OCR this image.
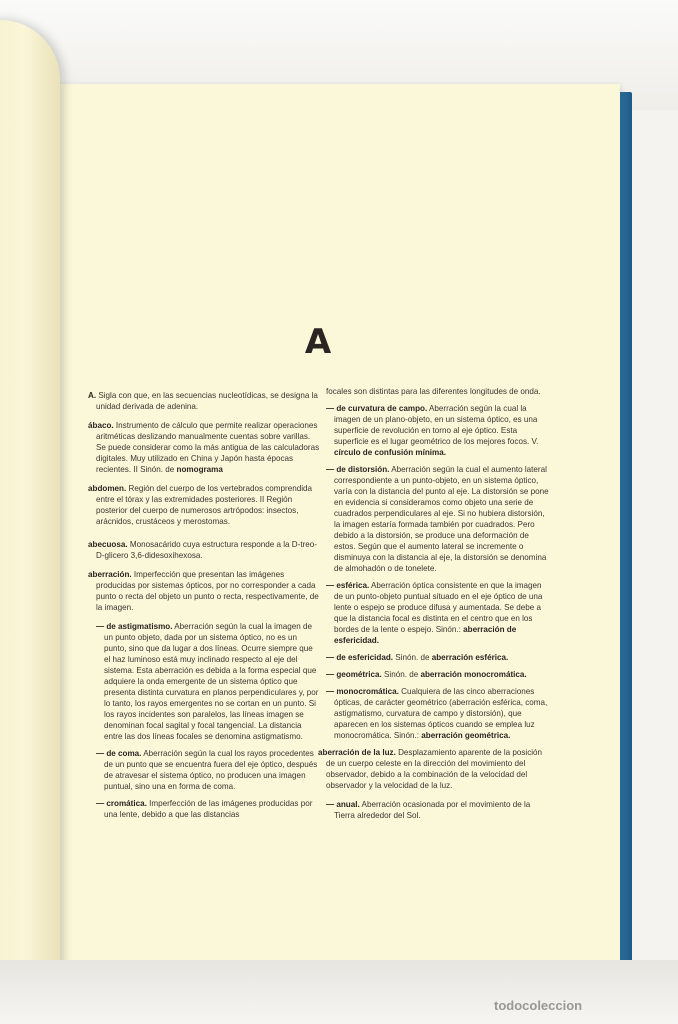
A

A. Sigla con que, en las secuencias nucleotídicas, se designa la unidad derivada de adenina.

ábaco. Instrumento de cálculo que permite realizar operaciones aritméticas deslizando manualmente cuentas sobre varillas. Se puede considerar como la más antigua de las calculadoras digitales. Muy utilizado en China y Japón hasta épocas recientes. II Sinón. de nomograma

abdomen. Región del cuerpo de los vertebrados comprendida entre el tórax y las extremidades posteriores. II Región posterior del cuerpo de numerosos artrópodos: insectos, arácnidos, crustáceos y merostomas.

abecuosa. Monosacárido cuya estructura responde a la D-treo-D-glicero 3,6-didesoxihexosa.

aberración. Imperfección que presentan las imágenes producidas por sistemas ópticos, por no corresponder a cada punto o recta del objeto un punto o recta, respectivamente, de la imagen.

— de astigmatismo. Aberración según la cual la imagen de un punto objeto, dada por un sistema óptico, no es un punto, sino que da lugar a dos líneas. Ocurre siempre que el haz luminoso está muy inclinado respecto al eje del sistema. Esta aberración es debida a la forma especial que adquiere la onda emergente de un sistema óptico que presenta distinta curvatura en planos perpendiculares y, por lo tanto, los rayos emergentes no se cortan en un punto. Si los rayos incidentes son paralelos, las líneas imagen se denominan focal sagital y focal tangencial. La distancia entre las dos líneas focales se denomina astigmatismo.

— de coma. Aberración según la cual los rayos procedentes de un punto que se encuentra fuera del eje óptico, después de atravesar el sistema óptico, no producen una imagen puntual, sino una en forma de coma.

— cromática. Imperfección de las imágenes producidas por una lente, debido a que las distancias

focales son distintas para las diferentes longitudes de onda.

— de curvatura de campo. Aberración según la cual la imagen de un plano-objeto, en un sistema óptico, es una superficie de revolución en torno al eje óptico. Esta superficie es el lugar geométrico de los mejores focos. V. círculo de confusión mínima.

— de distorsión. Aberración según la cual el aumento lateral correspondiente a un punto-objeto, en un sistema óptico, varía con la distancia del punto al eje. La distorsión se pone en evidencia si consideramos como objeto una serie de cuadrados perpendiculares al eje. Si no hubiera distorsión, la imagen estaría formada también por cuadrados. Pero debido a la distorsión, se produce una deformación de estos. Según que el aumento lateral se incremente o disminuya con la distancia al eje, la distorsión se denomina de almohadón o de tonelete.

— esférica. Aberración óptica consistente en que la imagen de un punto-objeto puntual situado en el eje óptico de una lente o espejo se produce difusa y aumentada. Se debe a que la distancia focal es distinta en el centro que en los bordes de la lente o espejo. Sinón.: aberración de esfericidad.

— de esfericidad. Sinón. de aberración esférica.

— geométrica. Sinón. de aberración monocromática.

— monocromática. Cualquiera de las cinco aberraciones ópticas, de carácter geométrico (aberración esférica, coma, astigmatismo, curvatura de campo y distorsión), que aparecen en los sistemas ópticos cuando se emplea luz monocromática. Sinón.: aberración geométrica.

aberración de la luz. Desplazamiento aparente de la posición de un cuerpo celeste en la dirección del movimiento del observador, debido a la combinación de la velocidad del observador y la velocidad de la luz.

— anual. Aberración ocasionada por el movimiento de la Tierra alrededor del Sol.

todocoleccion
